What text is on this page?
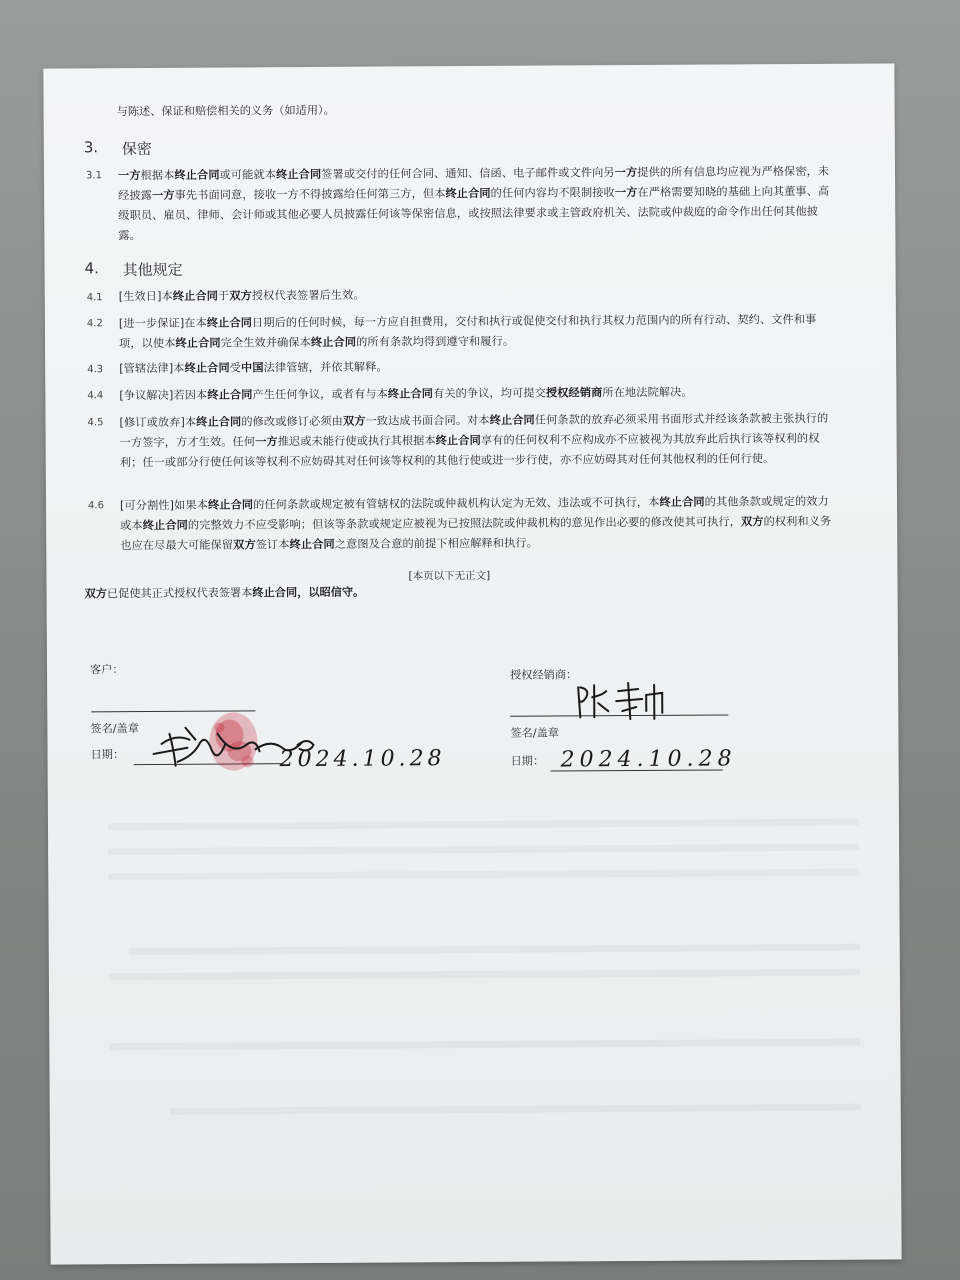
与陈述、保证和赔偿相关的义务（如适用）。
3. 保密
3.1 一方根据本终止合同或可能就本终止合同签署或交付的任何合同、通知、信函、电子邮件或文件向另一方提供的所有信息均应视为严格保密，未经披露一方事先书面同意，接收一方不得披露给任何第三方，但本终止合同的任何内容均不限制接收一方在严格需要知晓的基础上向其董事、高级职员、雇员、律师、会计师或其他必要人员披露任何该等保密信息，或按照法律要求或主管政府机关、法院或仲裁庭的命令作出任何其他披露。
4. 其他规定
4.1 [生效日]本终止合同于双方授权代表签署后生效。
4.2 [进一步保证]在本终止合同日期后的任何时候，每一方应自担费用，交付和执行或促使交付和执行其权力范围内的所有行动、契约、文件和事项，以使本终止合同完全生效并确保本终止合同的所有条款均得到遵守和履行。
4.3 [管辖法律]本终止合同受中国法律管辖，并依其解释。
4.4 [争议解决]若因本终止合同产生任何争议，或者有与本终止合同有关的争议，均可提交授权经销商所在地法院解决。
4.5 [修订或放弃]本终止合同的修改或修订必须由双方一致达成书面合同。对本终止合同任何条款的放弃必须采用书面形式并经该条款被主张执行的一方签字，方才生效。任何一方推迟或未能行使或执行其根据本终止合同享有的任何权利不应构成亦不应被视为其放弃此后执行该等权利的权利；任一或部分行使任何该等权利不应妨碍其对任何该等权利的其他行使或进一步行使，亦不应妨碍其对任何其他权利的任何行使。
4.6 [可分割性]如果本终止合同的任何条款或规定被有管辖权的法院或仲裁机构认定为无效、违法或不可执行，本终止合同的其他条款或规定的效力或本终止合同的完整效力不应受影响；但该等条款或规定应被视为已按照法院或仲裁机构的意见作出必要的修改使其可执行，双方的权利和义务也应在尽最大可能保留双方签订本终止合同之意图及合意的前提下相应解释和执行。
[本页以下无正文]
双方已促使其正式授权代表签署本终止合同，以昭信守。
客户：
签名/盖章
日期：	2024.10.28
授权经销商：
签名/盖章
日期： 2024.10.28
